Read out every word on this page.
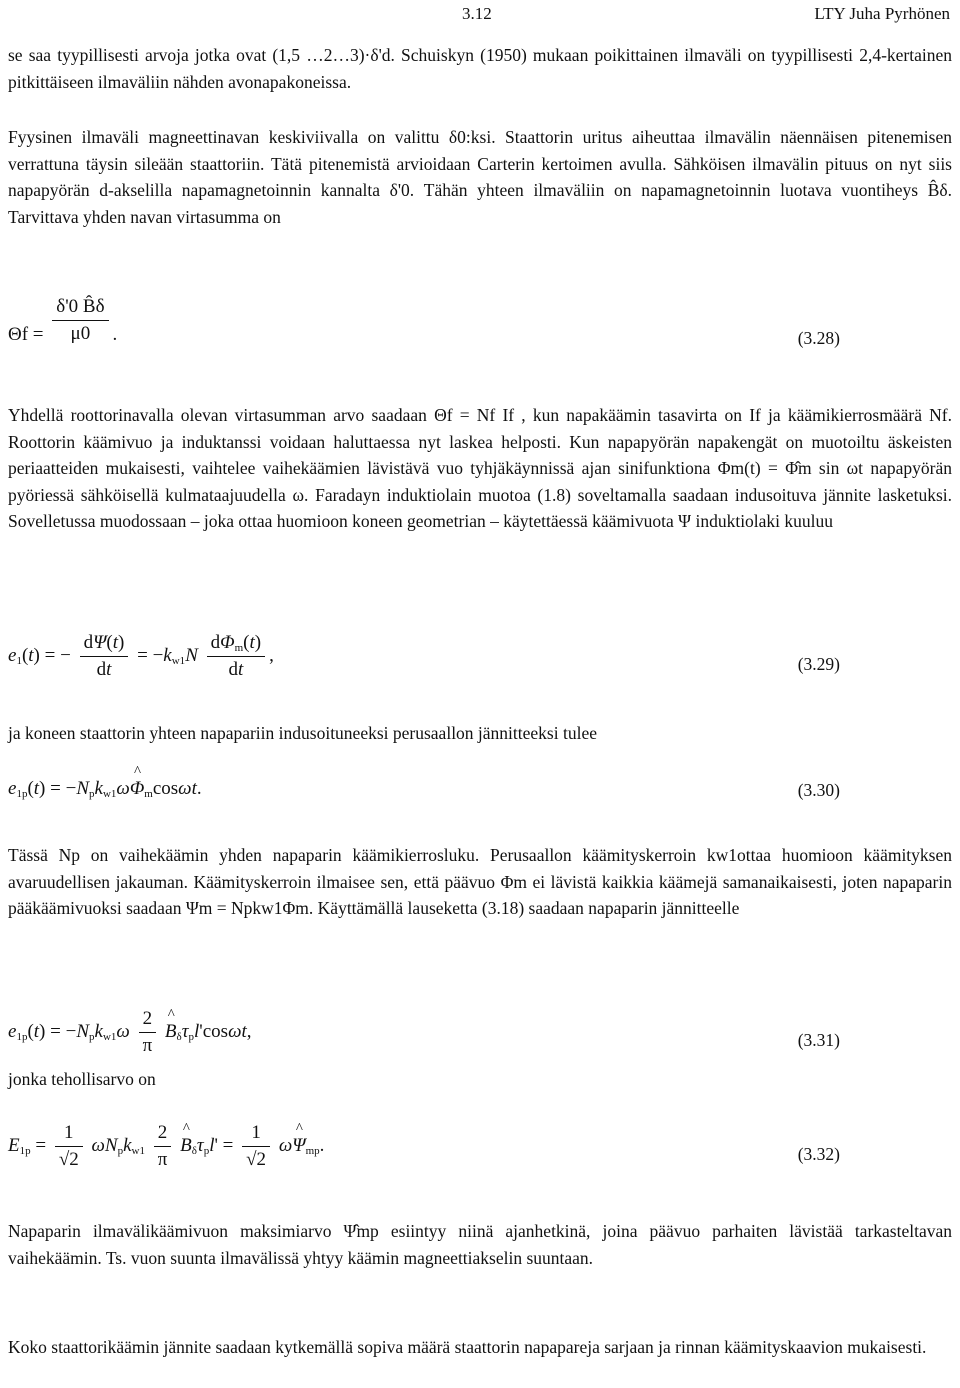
3.12	LTY Juha Pyrhönen
se saa tyypillisesti arvoja jotka ovat (1,5 …2…3)·δ'd. Schuiskyn (1950) mukaan poikittainen ilmaväli on tyypillisesti 2,4-kertainen pitkittäiseen ilmaväliin nähden avonapakoneissa.
Fyysinen ilmaväli magneettinavan keskiviivalla on valittu δ0:ksi. Staattorin uritus aiheuttaa ilmavälin näennäisen pitenemisen verrattuna täysin sileään staattoriin. Tätä pitenemistä arvioidaan Carterin kertoimen avulla. Sähköisen ilmavälin pituus on nyt siis napapyörän d-akselilla napamagnetoinnin kannalta δ'0. Tähän yhteen ilmaväliin on napamagnetoinnin luotava vuontiheys B̂δ. Tarvittava yhden navan virtasumma on
$\Theta f = \frac{\delta'0 B̂\delta}{\mu 0}$ .	(3.28)
Yhdellä roottorinavalla olevan virtasumman arvo saadaan Θf = Nf If , kun napakäämin tasavirta on If ja käämikierrosmäärä Nf. Roottorin käämivuo ja induktanssi voidaan haluttaessa nyt laskea helposti. Kun napapyörän napakengät on muotoiltu äskeisten periaatteiden mukaisesti, vaihtelee vaihekäämien lävistävä vuo tyhjäkäynnissä ajan sinifunktiona Φm(t) = Φ̂m sin ωt napapyörän pyöriessä sähköisellä kulmataajuudella ω. Faradayn induktiolain muotoa (1.8) soveltamalla saadaan indusoituva jännite lasketuksi. Sovelletussa muodossaan – joka ottaa huomioon koneen geometrian – käytettäessä käämivuota Ψ induktiolaki kuuluu
$e_1(t)$ = − $\frac{d\Psi(t)}{dt} = -k_{w1}N \frac{d\Phi_m(t)}{dt}$ ,	(3.29)
ja koneen staattorin yhteen napapariin indusoituneeksi perusaallon jännitteeksi tulee
$e_{1p}(t)$ = $-N_pk_{w1}\omega\^{}$ $\Phi_m\cos\omega t$.	(3.30)
Tässä Np on vaihekäämin yhden napaparin käämikierrosluku. Perusaallon käämityskerroin kw1ottaa huomioon käämityksen avaruudellisen jakauman. Käämityskerroin ilmaisee sen, että päävuo Φm ei lävistä kaikkia käämejä samanaikaisesti, joten napaparin pääkäämivuoksi saadaan Ψm = Npkw1Φm. Käyttämällä lauseketta (3.18) saadaan napaparin jännitteelle
$e_{1p}(t) = -N_pk_{w1}\omega \frac{2}{\pi}$ ^ $B_\delta\tau_pl'\cos\omega t$,	(3.31)
jonka tehollisarvo on
$E_{1p} = \frac{1}{√2} \omega N_pk_{w1} \frac{2}{\pi}$ ^ $B_\delta\tau_pl' = \frac{1}{√2}$ ω^ $\Psi_{mp}$.	(3.32)
Napaparin ilmavälikäämivuon maksimiarvo Ψ̂mp esiintyy niinä ajanhetkinä, joina päävuo parhaiten lävistää tarkasteltavan vaihekäämin. Ts. vuon suunta ilmavälissä yhtyy käämin magneettiakselin suuntaan.
Koko staattorikäämin jännite saadaan kytkemällä sopiva määrä staattorin napapareja sarjaan ja rinnan käämityskaavion mukaisesti.
